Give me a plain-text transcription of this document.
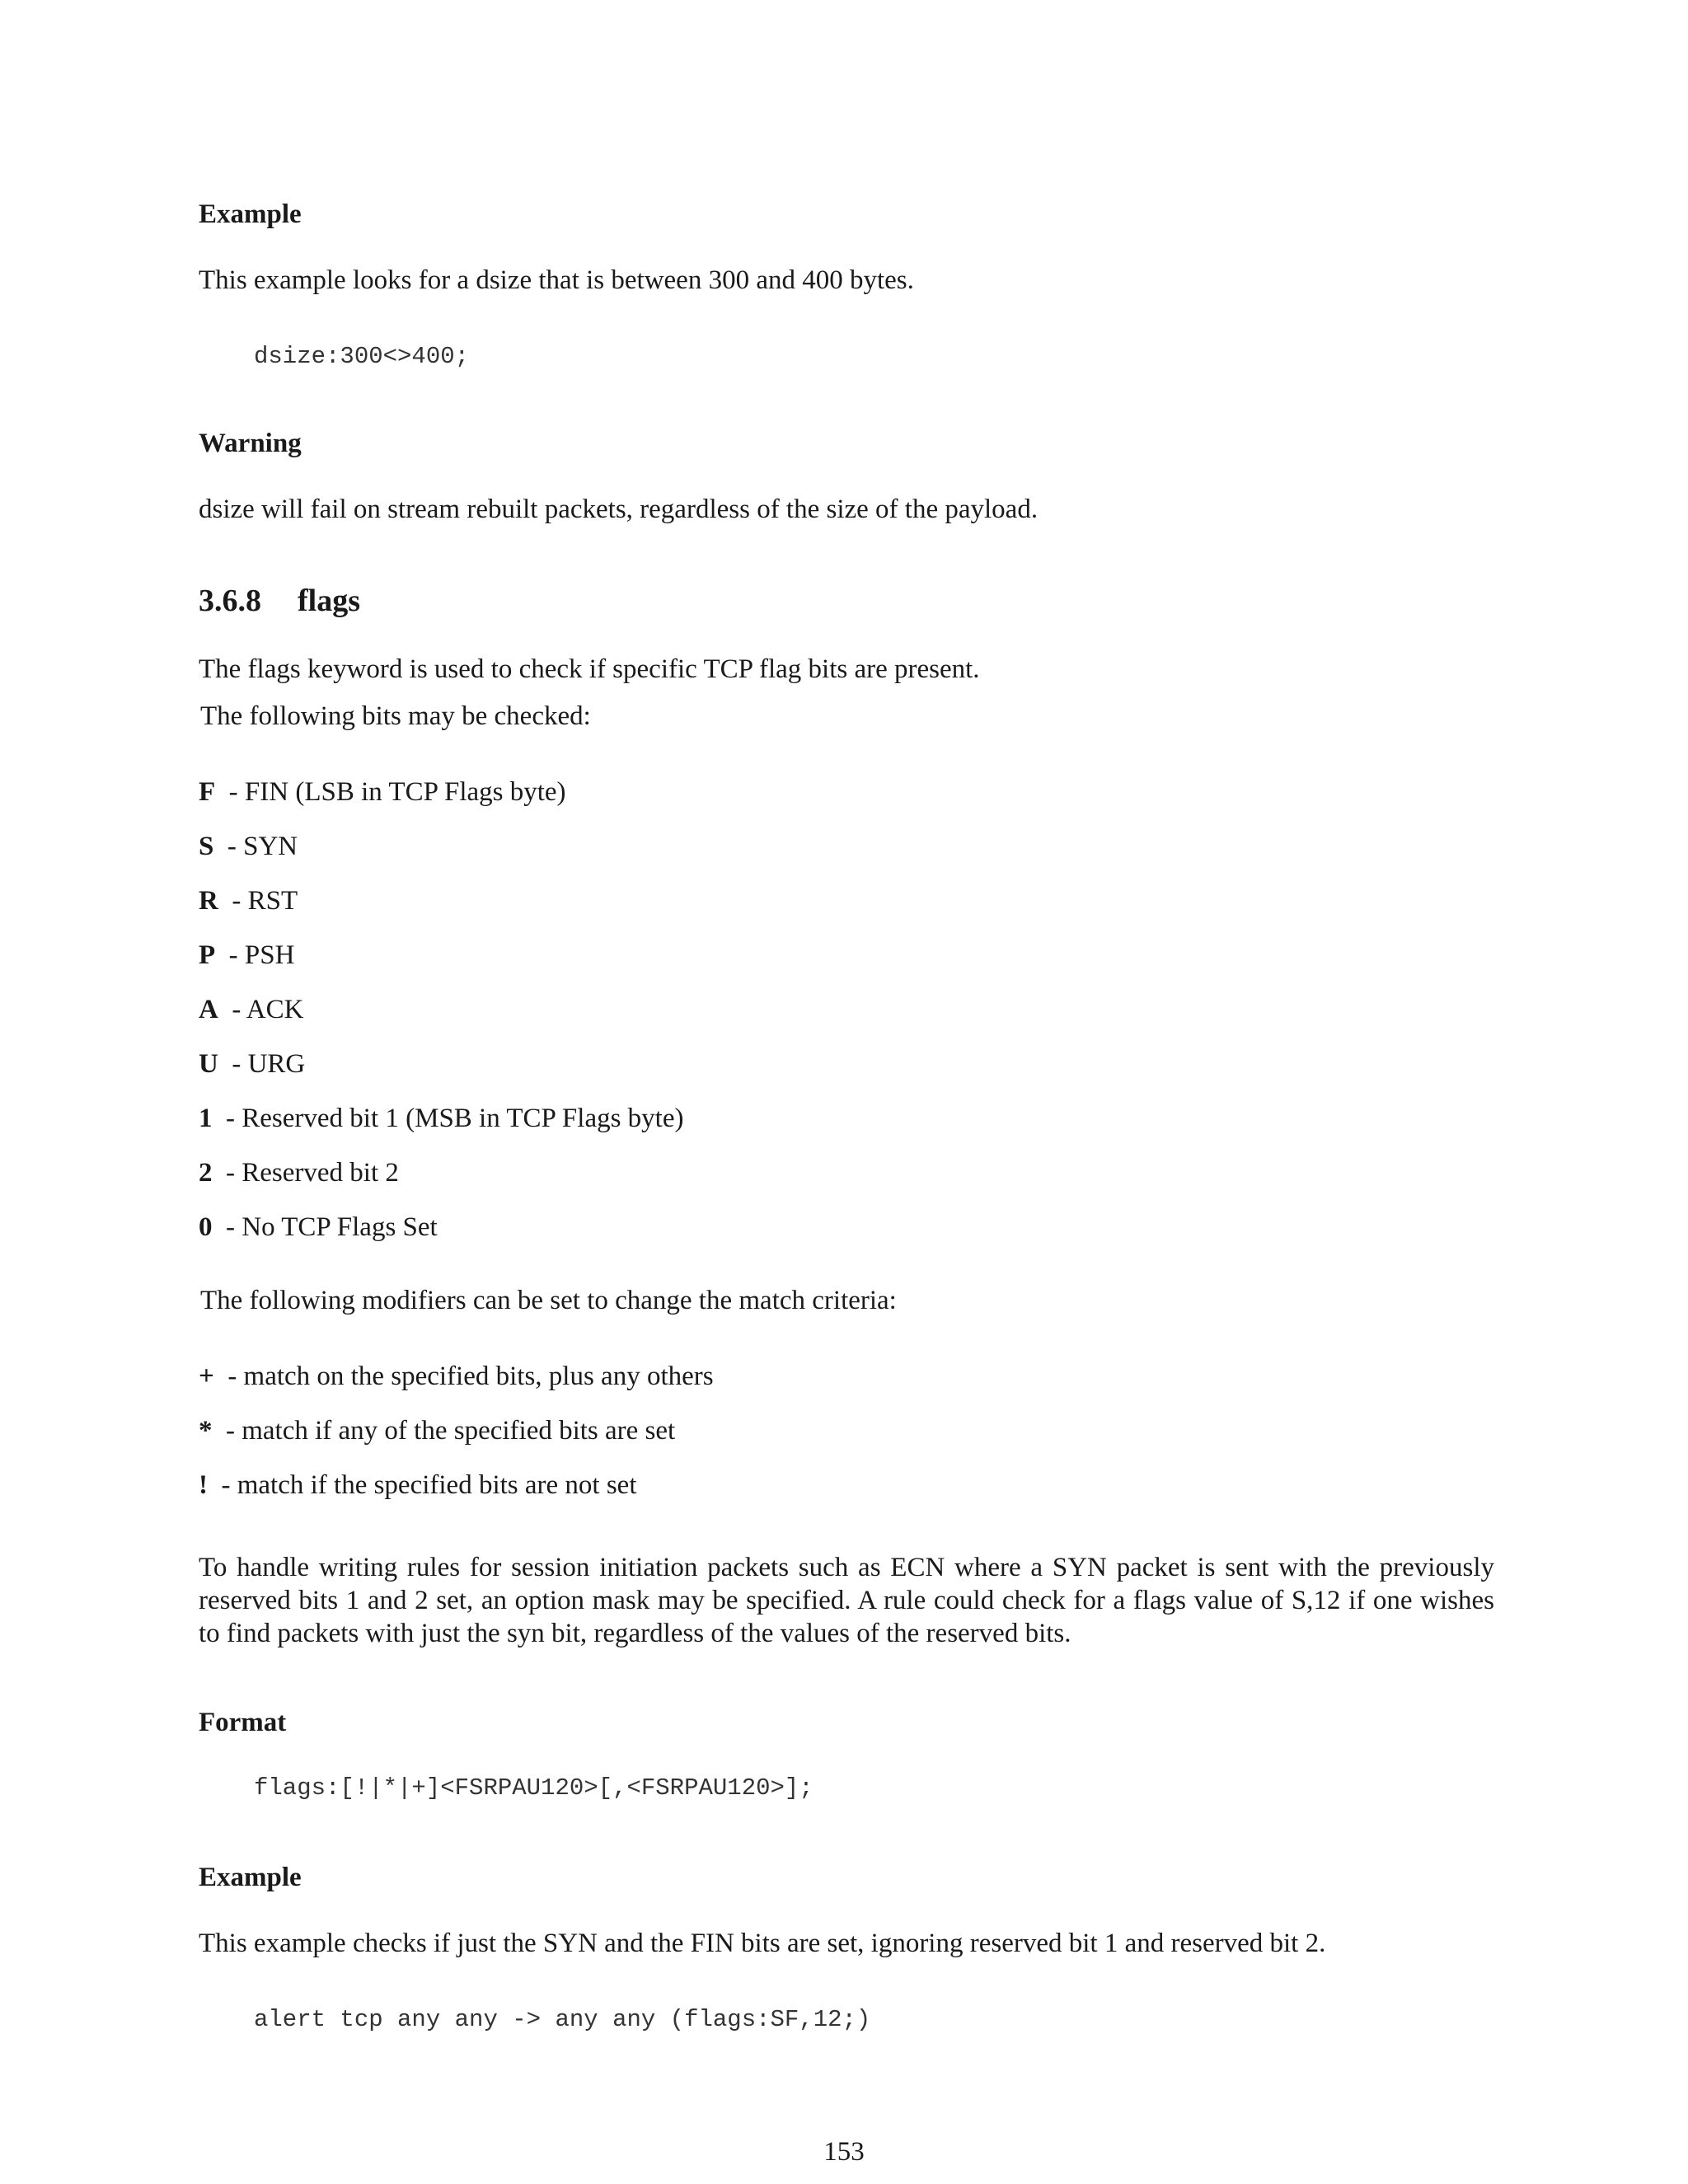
Example
This example looks for a dsize that is between 300 and 400 bytes.
dsize:300<>400;
Warning
dsize will fail on stream rebuilt packets, regardless of the size of the payload.
3.6.8 flags
The flags keyword is used to check if specific TCP flag bits are present.
The following bits may be checked:
F - FIN (LSB in TCP Flags byte)
S - SYN
R - RST
P - PSH
A - ACK
U - URG
1 - Reserved bit 1 (MSB in TCP Flags byte)
2 - Reserved bit 2
0 - No TCP Flags Set
The following modifiers can be set to change the match criteria:
+ - match on the specified bits, plus any others
* - match if any of the specified bits are set
! - match if the specified bits are not set
To handle writing rules for session initiation packets such as ECN where a SYN packet is sent with the previously reserved bits 1 and 2 set, an option mask may be specified. A rule could check for a flags value of S,12 if one wishes to find packets with just the syn bit, regardless of the values of the reserved bits.
Format
flags:[!|*|+]<FSRPAU120>[,<FSRPAU120>];
Example
This example checks if just the SYN and the FIN bits are set, ignoring reserved bit 1 and reserved bit 2.
alert tcp any any -> any any (flags:SF,12;)
153
